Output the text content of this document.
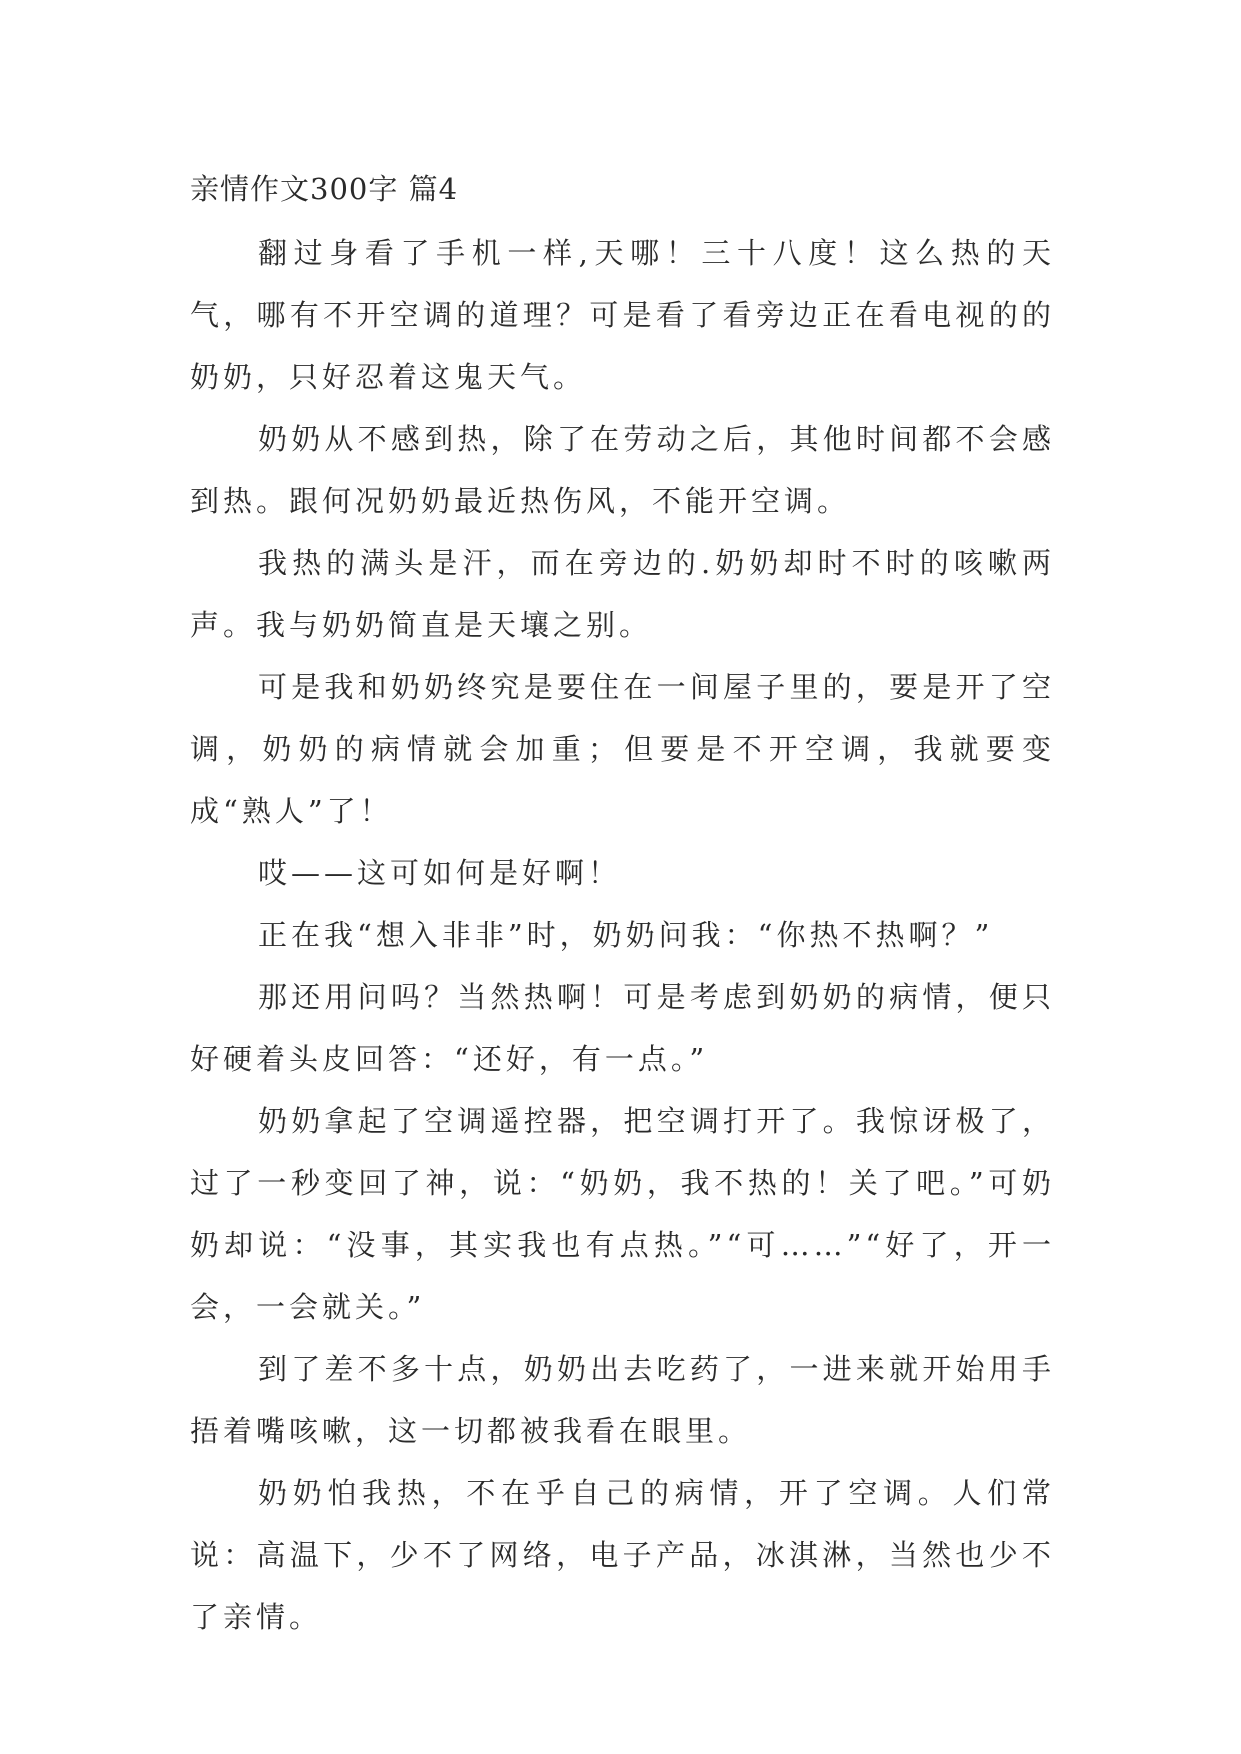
亲情作文300字 篇4

翻过身看了手机一样,天哪！三十八度！这么热的天气，哪有不开空调的道理？可是看了看旁边正在看电视的的奶奶，只好忍着这鬼天气。

奶奶从不感到热，除了在劳动之后，其他时间都不会感到热。跟何况奶奶最近热伤风，不能开空调。

我热的满头是汗，而在旁边的.奶奶却时不时的咳嗽两声。我与奶奶简直是天壤之别。

可是我和奶奶终究是要住在一间屋子里的，要是开了空调，奶奶的病情就会加重；但要是不开空调，我就要变成“熟人”了！

哎——这可如何是好啊！

正在我“想入非非”时，奶奶问我：“你热不热啊？”

那还用问吗？当然热啊！可是考虑到奶奶的病情，便只好硬着头皮回答：“还好，有一点。”

奶奶拿起了空调遥控器，把空调打开了。我惊讶极了，过了一秒变回了神，说：“奶奶，我不热的！关了吧。”可奶奶却说：“没事，其实我也有点热。”“可……”“好了，开一会，一会就关。”

到了差不多十点，奶奶出去吃药了，一进来就开始用手捂着嘴咳嗽，这一切都被我看在眼里。

奶奶怕我热，不在乎自己的病情，开了空调。人们常说：高温下，少不了网络，电子产品，冰淇淋，当然也少不了亲情。
